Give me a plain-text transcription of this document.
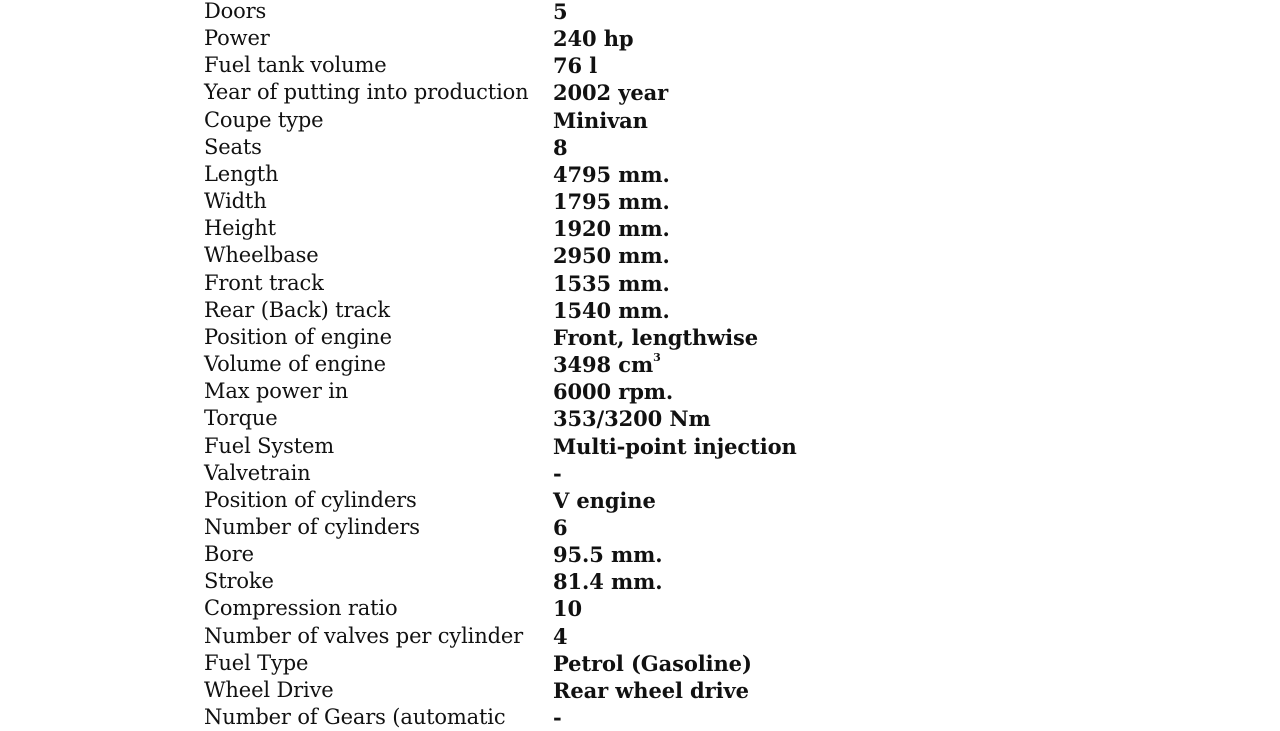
Doors	5
Power	240 hp
Fuel tank volume	76 l
Year of putting into production	2002 year
Coupe type	Minivan
Seats	8
Length	4795 mm.
Width	1795 mm.
Height	1920 mm.
Wheelbase	2950 mm.
Front track	1535 mm.
Rear (Back) track	1540 mm.
Position of engine	Front, lengthwise
Volume of engine	3498 $cm^3$
Max power in	6000 rpm.
Torque	353/3200 Nm
Fuel System	Multi-point injection
Valvetrain	-
Position of cylinders	V engine
Number of cylinders	6
Bore	95.5 mm.
Stroke	81.4 mm.
Compression ratio	10
Number of valves per cylinder	4
Fuel Type	Petrol (Gasoline)
Wheel Drive	Rear wheel drive
Number of Gears (automatic	-
